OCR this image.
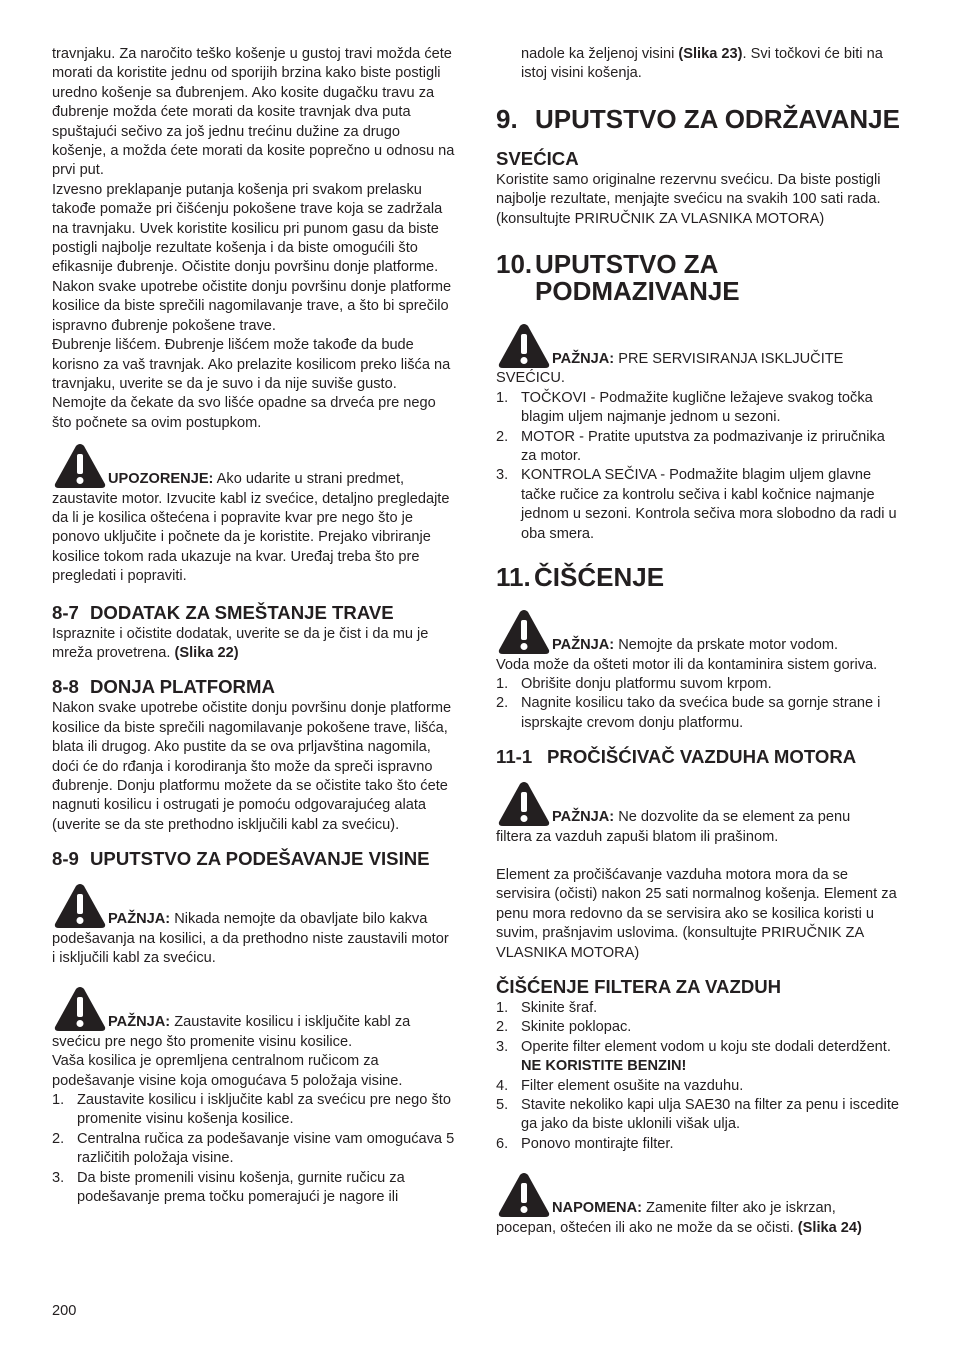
travnjaku. Za naročito teško košenje u gustoj travi možda ćete morati da koristite jednu od sporijih brzina kako biste postigli uredno košenje sa đubrenjem. Ako kosite dugačku travu za đubrenje možda ćete morati da kosite travnjak dva puta spuštajući sečivo za još jednu trećinu dužine za drugo košenje, a možda ćete morati da kosite poprečno u odnosu na prvi put.

Izvesno preklapanje putanja košenja pri svakom prelasku takođe pomaže pri čišćenju pokošene trave koja se zadržala na travnjaku. Uvek koristite kosilicu pri punom gasu da biste postigli najbolje rezultate košenja i da biste omogućili što efikasnije đubrenje. Očistite donju površinu donje platforme.

Nakon svake upotrebe očistite donju površinu donje platforme kosilice da biste sprečili nagomilavanje trave, a što bi sprečilo ispravno đubrenje pokošene trave.

Đubrenje lišćem. Đubrenje lišćem može takođe da bude korisno za vaš travnjak. Ako prelazite kosilicom preko lišća na travnjaku, uverite se da je suvo i da nije suviše gusto. Nemojte da čekate da svo lišće opadne sa drveća pre nego što počnete sa ovim postupkom.

UPOZORENJE: Ako udarite u strani predmet,
zaustavite motor. Izvucite kabl iz svećice, detaljno pregledajte da li je kosilica oštećena i popravite kvar pre nego što je ponovo uključite i počnete da je koristite. Prejako vibriranje kosilice tokom rada ukazuje na kvar. Uređaj treba što pre pregledati i popraviti.
8-7 DODATAK ZA SMEŠTANJE TRAVE

Ispraznite i očistite dodatak, uverite se da je čist i da mu je mreža provetrena. (Slika 22)

8-8 DONJA PLATFORMA

Nakon svake upotrebe očistite donju površinu donje platforme kosilice da biste sprečili nagomilavanje pokošene trave, lišća, blata ili drugog. Ako pustite da se ova prljavština nagomila, doći će do rđanja i korodiranja što može da spreči ispravno đubrenje. Donju platformu možete da se očistite tako što ćete nagnuti kosilicu i ostrugati je pomoću odgovarajućeg alata (uverite se da ste prethodno isključili kabl za svećicu).

8-9 UPUTSTVO ZA PODEŠAVANJE VISINE
PAŽNJA: Nikada nemojte da obavljate bilo kakva
podešavanja na kosilici, a da prethodno niste zaustavili motor i isključili kabl za svećicu.
PAŽNJA: Zaustavite kosilicu i isključite kabl za
svećicu pre nego što promenite visinu kosilice.

Vaša kosilica je opremljena centralnom ručicom za podešavanje visine koja omogućava 5 položaja visine.

1. Zaustavite kosilicu i isključite kabl za svećicu pre nego što promenite visinu košenja kosilice.
2. Centralna ručica za podešavanje visine vam omogućava 5 različitih položaja visine.
3. Da biste promenili visinu košenja, gurnite ručicu za podešavanje prema točku pomerajući je nagore ili
200

nadole ka željenoj visini (Slika 23). Svi točkovi će biti na istoj visini košenja.

9. UPUTSTVO ZA ODRŽAVANJE
SVEĆICA

Koristite samo originalne rezervnu svećicu. Da biste postigli najbolje rezultate, menjajte svećicu na svakih 100 sati rada. (konsultujte PRIRUČNIK ZA VLASNIKA MOTORA)

10. UPUTSTVO ZA PODMAZIVANJE
PAŽNJA: PRE SERVISIRANJA ISKLJUČITE
SVEĆICU.
1. TOČKOVI - Podmažite kuglične ležajeve svakog točka blagim uljem najmanje jednom u sezoni.
2. MOTOR - Pratite uputstva za podmazivanje iz priručnika za motor.
3. KONTROLA SEČIVA - Podmažite blagim uljem glavne tačke ručice za kontrolu sečiva i kabl kočnice najmanje jednom u sezoni. Kontrola sečiva mora slobodno da radi u oba smera.
11. ČIŠĆENJE
PAŽNJA: Nemojte da prskate motor vodom.
Voda može da ošteti motor ili da kontaminira sistem goriva.
1. Obrišite donju platformu suvom krpom.
2. Nagnite kosilicu tako da svećica bude sa gornje strane i isprskajte crevom donju platformu.
11-1 PROČIŠĆIVAČ VAZDUHA MOTORA
PAŽNJA: Ne dozvolite da se element za penu
filtera za vazduh zapuši blatom ili prašinom.

Element za pročišćavanje vazduha motora mora da se servisira (očisti) nakon 25 sati normalnog košenja. Element za penu mora redovno da se servisira ako se kosilica koristi u suvim, prašnjavim uslovima. (konsultujte PRIRUČNIK ZA VLASNIKA MOTORA)

ČIŠĆENJE FILTERA ZA VAZDUH
1. Skinite šraf.
2. Skinite poklopac.
3. Operite filter element vodom u koju ste dodali deterdžent. NE KORISTITE BENZIN!
4. Filter element osušite na vazduhu.
5. Stavite nekoliko kapi ulja SAE30 na filter za penu i iscedite ga jako da biste uklonili višak ulja.
6. Ponovo montirajte filter.
NAPOMENA: Zamenite filter ako je iskrzan,
pocepan, oštećen ili ako ne može da se očisti. (Slika 24)
